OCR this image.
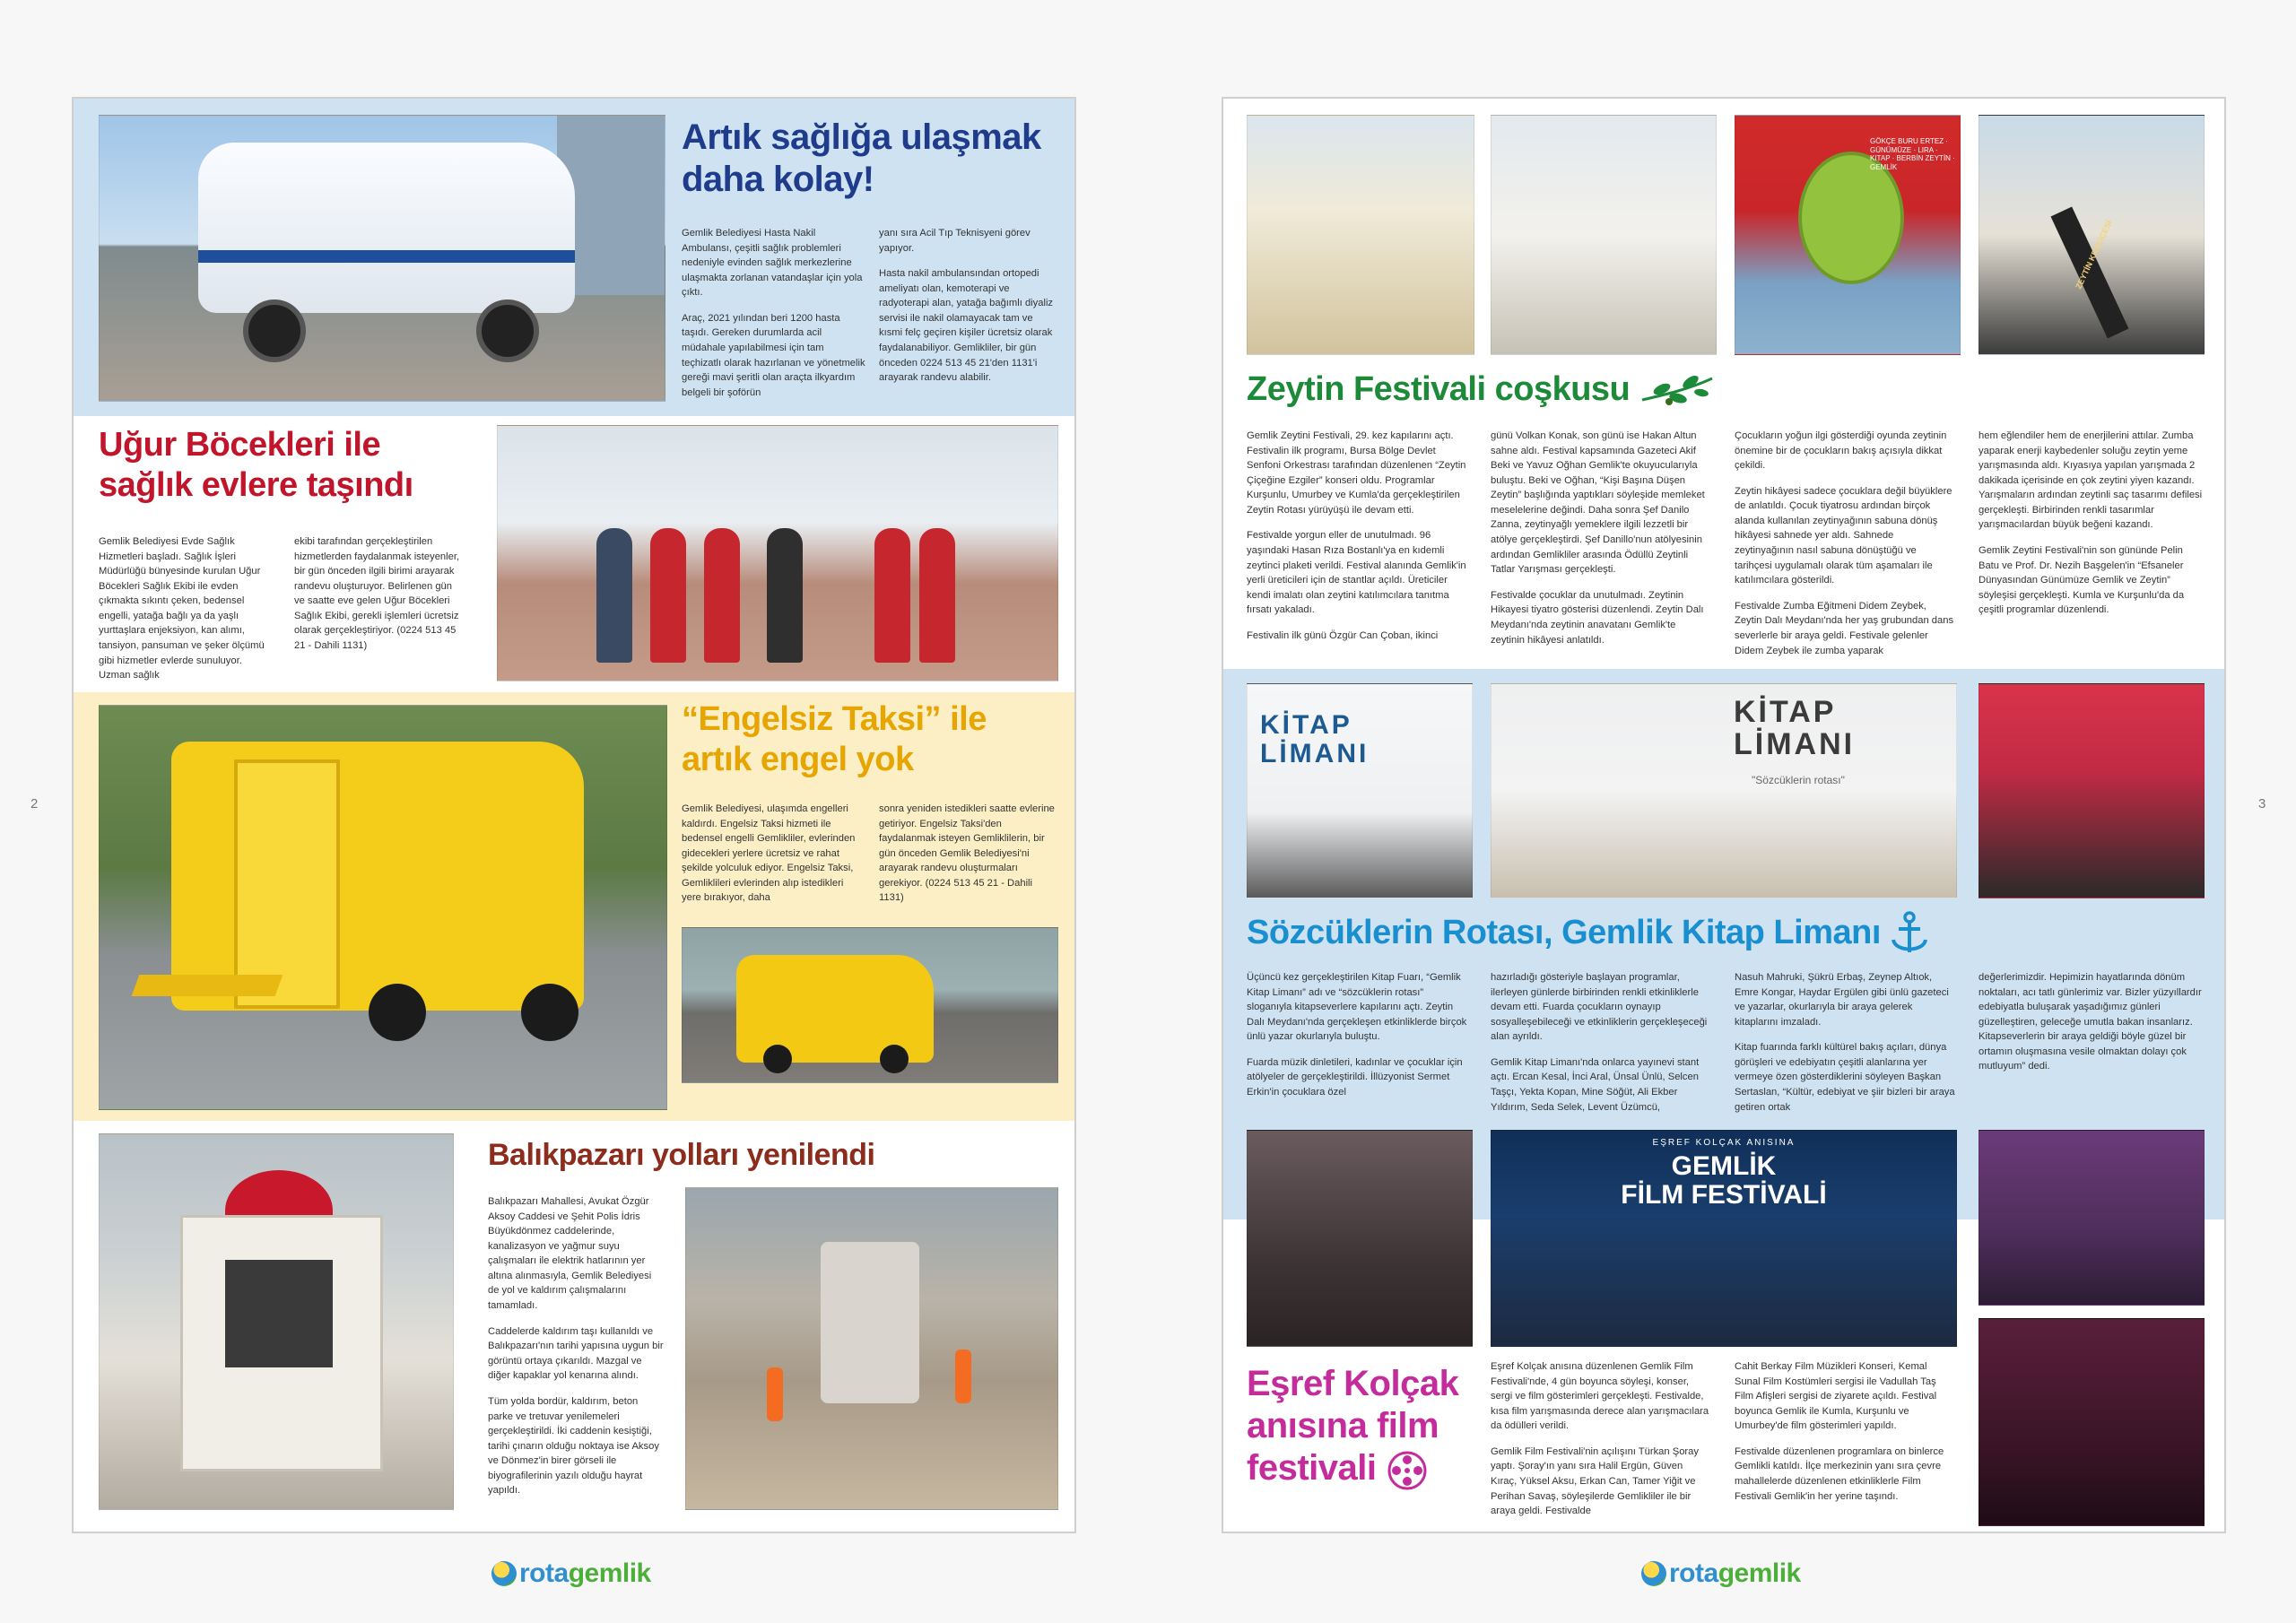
Artık sağlığa ulaşmak
daha kolay!

Gemlik Belediyesi Hasta Nakil Ambulansı, çeşitli sağlık problemleri nedeniyle evinden sağlık merkezlerine ulaşmakta zorlanan vatandaşlar için yola çıktı.

Araç, 2021 yılından beri 1200 hasta taşıdı. Gereken durumlarda acil müdahale yapılabilmesi için tam teçhizatlı olarak hazırlanan ve yönetmelik gereği mavi şeritli olan araçta ilkyardım belgeli bir şoförün

yanı sıra Acil Tıp Teknisyeni görev yapıyor.

Hasta nakil ambulansından ortopedi ameliyatı olan, kemoterapi ve radyoterapi alan, yatağa bağımlı diyaliz servisi ile nakil olamayacak tam ve kısmi felç geçiren kişiler ücretsiz olarak faydalanabiliyor. Gemlikliler, bir gün önceden 0224 513 45 21'den 1131'i arayarak randevu alabilir.

Uğur Böcekleri ile
sağlık evlere taşındı

Gemlik Belediyesi Evde Sağlık Hizmetleri başladı. Sağlık İşleri Müdürlüğü bünyesinde kurulan Uğur Böcekleri Sağlık Ekibi ile evden çıkmakta sıkıntı çeken, bedensel engelli, yatağa bağlı ya da yaşlı yurttaşlara enjeksiyon, kan alımı, tansiyon, pansuman ve şeker ölçümü gibi hizmetler evlerde sunuluyor. Uzman sağlık

ekibi tarafından gerçekleştirilen hizmetlerden faydalanmak isteyenler, bir gün önceden ilgili birimi arayarak randevu oluşturuyor. Belirlenen gün ve saatte eve gelen Uğur Böcekleri Sağlık Ekibi, gerekli işlemleri ücretsiz olarak gerçekleştiriyor. (0224 513 45 21 - Dahili 1131)

“Engelsiz Taksi” ile
artık engel yok

Gemlik Belediyesi, ulaşımda engelleri kaldırdı. Engelsiz Taksi hizmeti ile bedensel engelli Gemlikliler, evlerinden gidecekleri yerlere ücretsiz ve rahat şekilde yolculuk ediyor. Engelsiz Taksi, Gemliklileri evlerinden alıp istedikleri yere bırakıyor, daha

sonra yeniden istedikleri saatte evlerine getiriyor. Engelsiz Taksi'den faydalanmak isteyen Gemliklilerin, bir gün önceden Gemlik Belediyesi'ni arayarak randevu oluşturmaları gerekiyor. (0224 513 45 21 - Dahili 1131)

Balıkpazarı yolları yenilendi

Balıkpazarı Mahallesi, Avukat Özgür Aksoy Caddesi ve Şehit Polis İdris Büyükdönmez caddelerinde, kanalizasyon ve yağmur suyu çalışmaları ile elektrik hatlarının yer altına alınmasıyla, Gemlik Belediyesi de yol ve kaldırım çalışmalarını tamamladı.

Caddelerde kaldırım taşı kullanıldı ve Balıkpazarı'nın tarihi yapısına uygun bir görüntü ortaya çıkarıldı. Mazgal ve diğer kapaklar yol kenarına alındı.

Tüm yolda bordür, kaldırım, beton parke ve tretuvar yenilemeleri gerçekleştirildi. İki caddenin kesiştiği, tarihi çınarın olduğu noktaya ise Aksoy ve Dönmez'in birer görseli ile biyografilerinin yazılı olduğu hayrat yapıldı.

2	3
rotagemlik	rotagemlik
GÖKÇE BURU ERTEZ · GÜNÜMÜZE · LIRA · KITAP · BERBİN ZEYTİN · GEMLİK
ZEYTİN KRALİÇESİ
Zeytin Festivali coşkusu

Gemlik Zeytini Festivali, 29. kez kapılarını açtı. Festivalin ilk programı, Bursa Bölge Devlet Senfoni Orkestrası tarafından düzenlenen “Zeytin Çiçeğine Ezgiler” konseri oldu. Programlar Kurşunlu, Umurbey ve Kumla'da gerçekleştirilen Zeytin Rotası yürüyüşü ile devam etti.

Festivalde yorgun eller de unutulmadı. 96 yaşındaki Hasan Rıza Bostanlı'ya en kıdemli zeytinci plaketi verildi. Festival alanında Gemlik'in yerli üreticileri için de stantlar açıldı. Üreticiler kendi imalatı olan zeytini katılımcılara tanıtma fırsatı yakaladı.

Festivalin ilk günü Özgür Can Çoban, ikinci

günü Volkan Konak, son günü ise Hakan Altun sahne aldı. Festival kapsamında Gazeteci Akif Beki ve Yavuz Oğhan Gemlik'te okuyucularıyla buluştu. Beki ve Oğhan, “Kişi Başına Düşen Zeytin” başlığında yaptıkları söyleşide memleket meselelerine değindi. Daha sonra Şef Danilo Zanna, zeytinyağlı yemeklere ilgili lezzetli bir atölye gerçekleştirdi. Şef Danillo'nun atölyesinin ardından Gemlikliler arasında Ödüllü Zeytinli Tatlar Yarışması gerçekleşti.

Festivalde çocuklar da unutulmadı. Zeytinin Hikayesi tiyatro gösterisi düzenlendi. Zeytin Dalı Meydanı'nda zeytinin anavatanı Gemlik'te zeytinin hikâyesi anlatıldı.

Çocukların yoğun ilgi gösterdiği oyunda zeytinin önemine bir de çocukların bakış açısıyla dikkat çekildi.

Zeytin hikâyesi sadece çocuklara değil büyüklere de anlatıldı. Çocuk tiyatrosu ardından birçok alanda kullanılan zeytinyağının sabuna dönüş hikâyesi sahnede yer aldı. Sahnede zeytinyağının nasıl sabuna dönüştüğü ve tarihçesi uygulamalı olarak tüm aşamaları ile katılımcılara gösterildi.

Festivalde Zumba Eğitmeni Didem Zeybek, Zeytin Dalı Meydanı'nda her yaş grubundan dans severlerle bir araya geldi. Festivale gelenler Didem Zeybek ile zumba yaparak

hem eğlendiler hem de enerjilerini attılar. Zumba yaparak enerji kaybedenler soluğu zeytin yeme yarışmasında aldı. Kıyasıya yapılan yarışmada 2 dakikada içerisinde en çok zeytini yiyen kazandı. Yarışmaların ardından zeytinli saç tasarımı defilesi gerçekleşti. Birbirinden renkli tasarımlar yarışmacılardan büyük beğeni kazandı.

Gemlik Zeytini Festivali'nin son gününde Pelin Batu ve Prof. Dr. Nezih Başgelen'in “Efsaneler Dünyasından Günümüze Gemlik ve Zeytin” söyleşisi gerçekleşti. Kumla ve Kurşunlu'da da çeşitli programlar düzenlendi.

KİTAP
LİMANI
KİTAP
LİMANI
"Sözcüklerin rotası"
Sözcüklerin Rotası, Gemlik Kitap Limanı

Üçüncü kez gerçekleştirilen Kitap Fuarı, “Gemlik Kitap Limanı” adı ve “sözcüklerin rotası” sloganıyla kitapseverlere kapılarını açtı. Zeytin Dalı Meydanı'nda gerçekleşen etkinliklerde birçok ünlü yazar okurlarıyla buluştu.

Fuarda müzik dinletileri, kadınlar ve çocuklar için atölyeler de gerçekleştirildi. İllüzyonist Sermet Erkin'in çocuklara özel

hazırladığı gösteriyle başlayan programlar, ilerleyen günlerde birbirinden renkli etkinliklerle devam etti. Fuarda çocukların oynayıp sosyalleşebileceği ve etkinliklerin gerçekleşeceği alan ayrıldı.

Gemlik Kitap Limanı'nda onlarca yayınevi stant açtı. Ercan Kesal, İnci Aral, Ünsal Ünlü, Selcen Taşçı, Yekta Kopan, Mine Söğüt, Ali Ekber Yıldırım, Seda Selek, Levent Üzümcü,

Nasuh Mahruki, Şükrü Erbaş, Zeynep Altıok, Emre Kongar, Haydar Ergülen gibi ünlü gazeteci ve yazarlar, okurlarıyla bir araya gelerek kitaplarını imzaladı.

Kitap fuarında farklı kültürel bakış açıları, dünya görüşleri ve edebiyatın çeşitli alanlarına yer vermeye özen gösterdiklerini söyleyen Başkan Sertaslan, “Kültür, edebiyat ve şiir bizleri bir araya getiren ortak

değerlerimizdir. Hepimizin hayatlarında dönüm noktaları, acı tatlı günlerimiz var. Bizler yüzyıllardır edebiyatla buluşarak yaşadığımız günleri güzelleştiren, geleceğe umutla bakan insanlarız. Kitapseverlerin bir araya geldiği böyle güzel bir ortamın oluşmasına vesile olmaktan dolayı çok mutluyum” dedi.

EŞREF KOLÇAK ANISINA
GEMLİK
FİLM FESTİVALİ
Eşref Kolçak
anısına film
festivali

Eşref Kolçak anısına düzenlenen Gemlik Film Festivali'nde, 4 gün boyunca söyleşi, konser, sergi ve film gösterimleri gerçekleşti. Festivalde, kısa film yarışmasında derece alan yarışmacılara da ödülleri verildi.

Gemlik Film Festivali'nin açılışını Türkan Şoray yaptı. Şoray'ın yanı sıra Halil Ergün, Güven Kıraç, Yüksel Aksu, Erkan Can, Tamer Yiğit ve Perihan Savaş, söyleşilerde Gemlikliler ile bir araya geldi. Festivalde

Cahit Berkay Film Müzikleri Konseri, Kemal Sunal Film Kostümleri sergisi ile Vadullah Taş Film Afişleri sergisi de ziyarete açıldı. Festival boyunca Gemlik ile Kumla, Kurşunlu ve Umurbey'de film gösterimleri yapıldı.

Festivalde düzenlenen programlara on binlerce Gemlikli katıldı. İlçe merkezinin yanı sıra çevre mahallelerde düzenlenen etkinliklerle Film Festivali Gemlik'in her yerine taşındı.
